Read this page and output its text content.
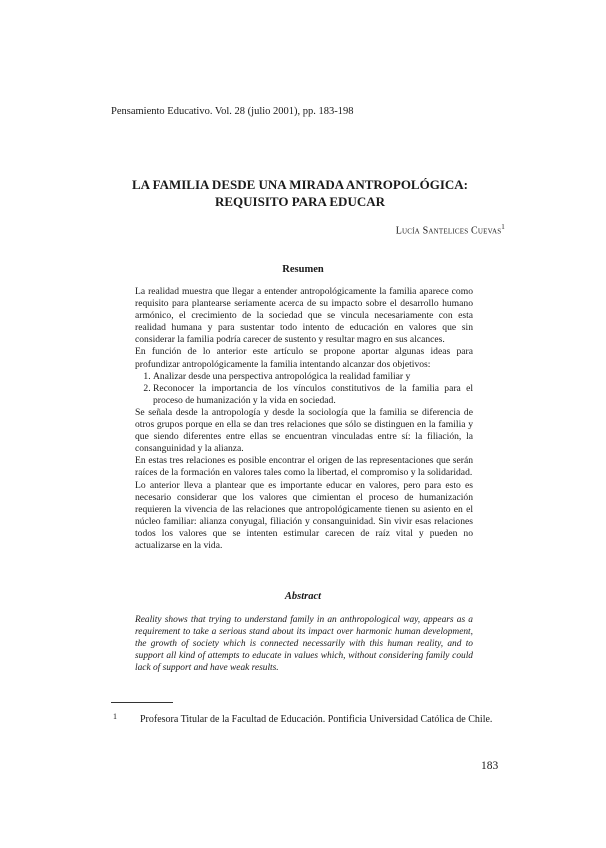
Pensamiento Educativo. Vol. 28 (julio 2001), pp. 183-198
LA FAMILIA DESDE UNA MIRADA ANTROPOLÓGICA:
REQUISITO PARA EDUCAR
Lucía Santelices Cuevas$^1$
Resumen

La realidad muestra que llegar a entender antropológicamente la familia aparece como requisito para plantearse seriamente acerca de su impacto sobre el desarrollo humano armónico, el crecimiento de la sociedad que se vincula necesariamente con esta realidad humana y para sustentar todo intento de educación en valores que sin considerar la familia podría carecer de sustento y resultar magro en sus alcances.

En función de lo anterior este artículo se propone aportar algunas ideas para profundizar antropológicamente la familia intentando alcanzar dos objetivos:

1. Analizar desde una perspectiva antropológica la realidad familiar y
2. Reconocer la importancia de los vínculos constitutivos de la familia para el proceso de humanización y la vida en sociedad.

Se señala desde la antropología y desde la sociología que la familia se diferencia de otros grupos porque en ella se dan tres relaciones que sólo se distinguen en la familia y que siendo diferentes entre ellas se encuentran vinculadas entre sí: la filiación, la consanguinidad y la alianza.

En estas tres relaciones es posible encontrar el origen de las representaciones que serán raíces de la formación en valores tales como la libertad, el compromiso y la solidaridad.

Lo anterior lleva a plantear que es importante educar en valores, pero para esto es necesario considerar que los valores que cimientan el proceso de humanización requieren la vivencia de las relaciones que antropológicamente tienen su asiento en el núcleo familiar: alianza conyugal, filiación y consanguinidad. Sin vivir esas relaciones todos los valores que se intenten estimular carecen de raíz vital y pueden no actualizarse en la vida.

Abstract
Reality shows that trying to understand family in an anthropological way, appears as a requirement to take a serious stand about its impact over harmonic human development, the growth of society which is connected necessarily with this human reality, and to support all kind of attempts to educate in values which, without considering family could lack of support and have weak results.
1 Profesora Titular de la Facultad de Educación. Pontificia Universidad Católica de Chile.
183
